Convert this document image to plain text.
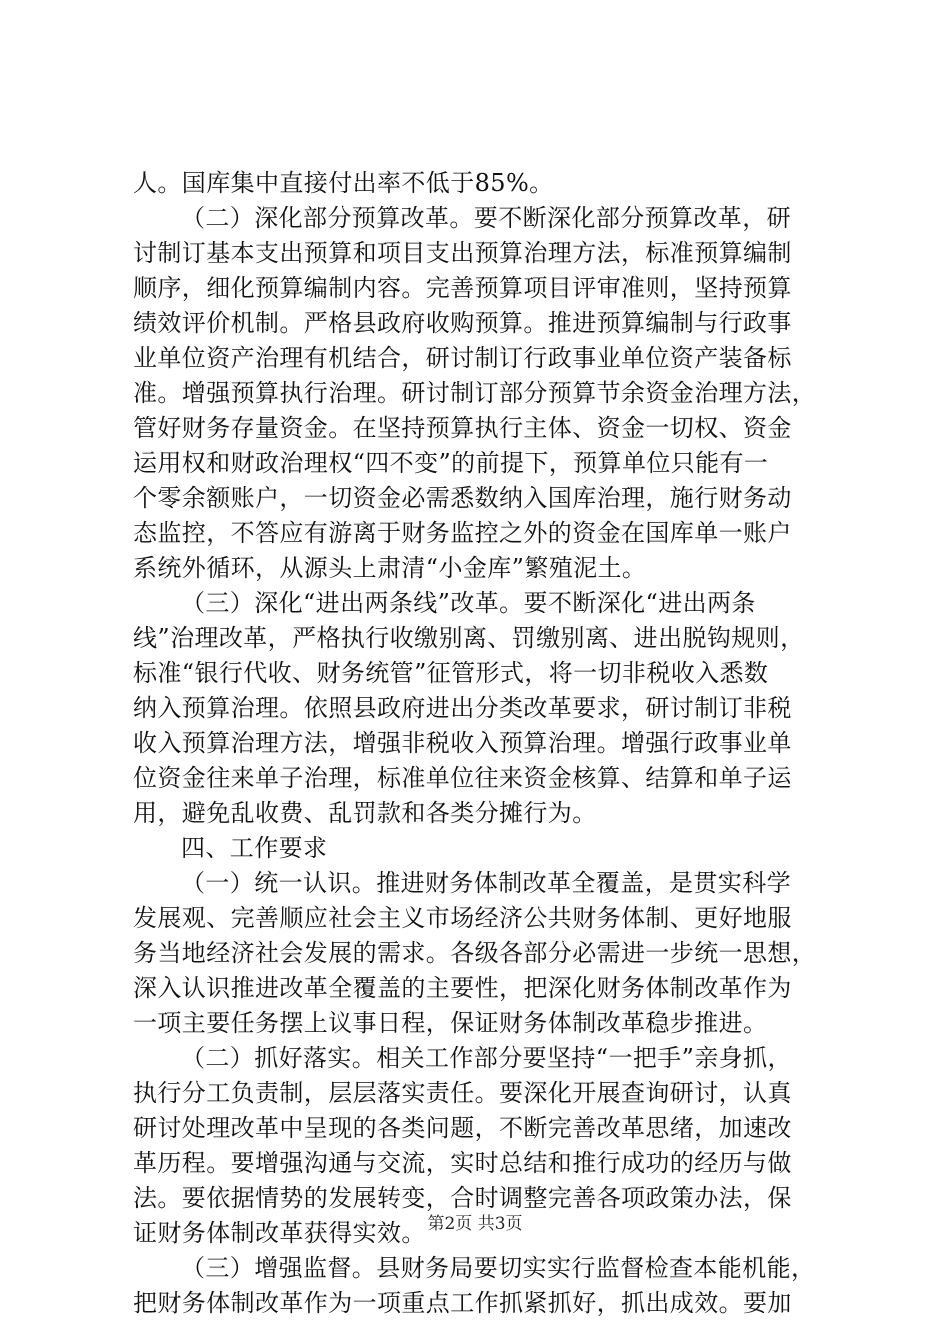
人。国库集中直接付出率不低于85%。
（二）深化部分预算改革。要不断深化部分预算改革，研
讨制订基本支出预算和项目支出预算治理方法，标准预算编制
顺序，细化预算编制内容。完善预算项目评审准则，坚持预算
绩效评价机制。严格县政府收购预算。推进预算编制与行政事
业单位资产治理有机结合，研讨制订行政事业单位资产装备标
准。增强预算执行治理。研讨制订部分预算节余资金治理方法，
管好财务存量资金。在坚持预算执行主体、资金一切权、资金
运用权和财政治理权“四不变”的前提下，预算单位只能有一
个零余额账户，一切资金必需悉数纳入国库治理，施行财务动
态监控，不答应有游离于财务监控之外的资金在国库单一账户
系统外循环，从源头上肃清“小金库”繁殖泥土。
（三）深化“进出两条线”改革。要不断深化“进出两条
线”治理改革，严格执行收缴别离、罚缴别离、进出脱钩规则，
标准“银行代收、财务统管”征管形式，将一切非税收入悉数
纳入预算治理。依照县政府进出分类改革要求，研讨制订非税
收入预算治理方法，增强非税收入预算治理。增强行政事业单
位资金往来单子治理，标准单位往来资金核算、结算和单子运
用，避免乱收费、乱罚款和各类分摊行为。
四、工作要求
（一）统一认识。推进财务体制改革全覆盖，是贯实科学
发展观、完善顺应社会主义市场经济公共财务体制、更好地服
务当地经济社会发展的需求。各级各部分必需进一步统一思想，
深入认识推进改革全覆盖的主要性，把深化财务体制改革作为
一项主要任务摆上议事日程，保证财务体制改革稳步推进。
（二）抓好落实。相关工作部分要坚持“一把手”亲身抓，
执行分工负责制，层层落实责任。要深化开展查询研讨，认真
研讨处理改革中呈现的各类问题，不断完善改革思绪，加速改
革历程。要增强沟通与交流，实时总结和推行成功的经历与做
法。要依据情势的发展转变，合时调整完善各项政策办法，保
证财务体制改革获得实效。
（三）增强监督。县财务局要切实实行监督检查本能机能，
把财务体制改革作为一项重点工作抓紧抓好，抓出成效。要加
第2页 共3页
